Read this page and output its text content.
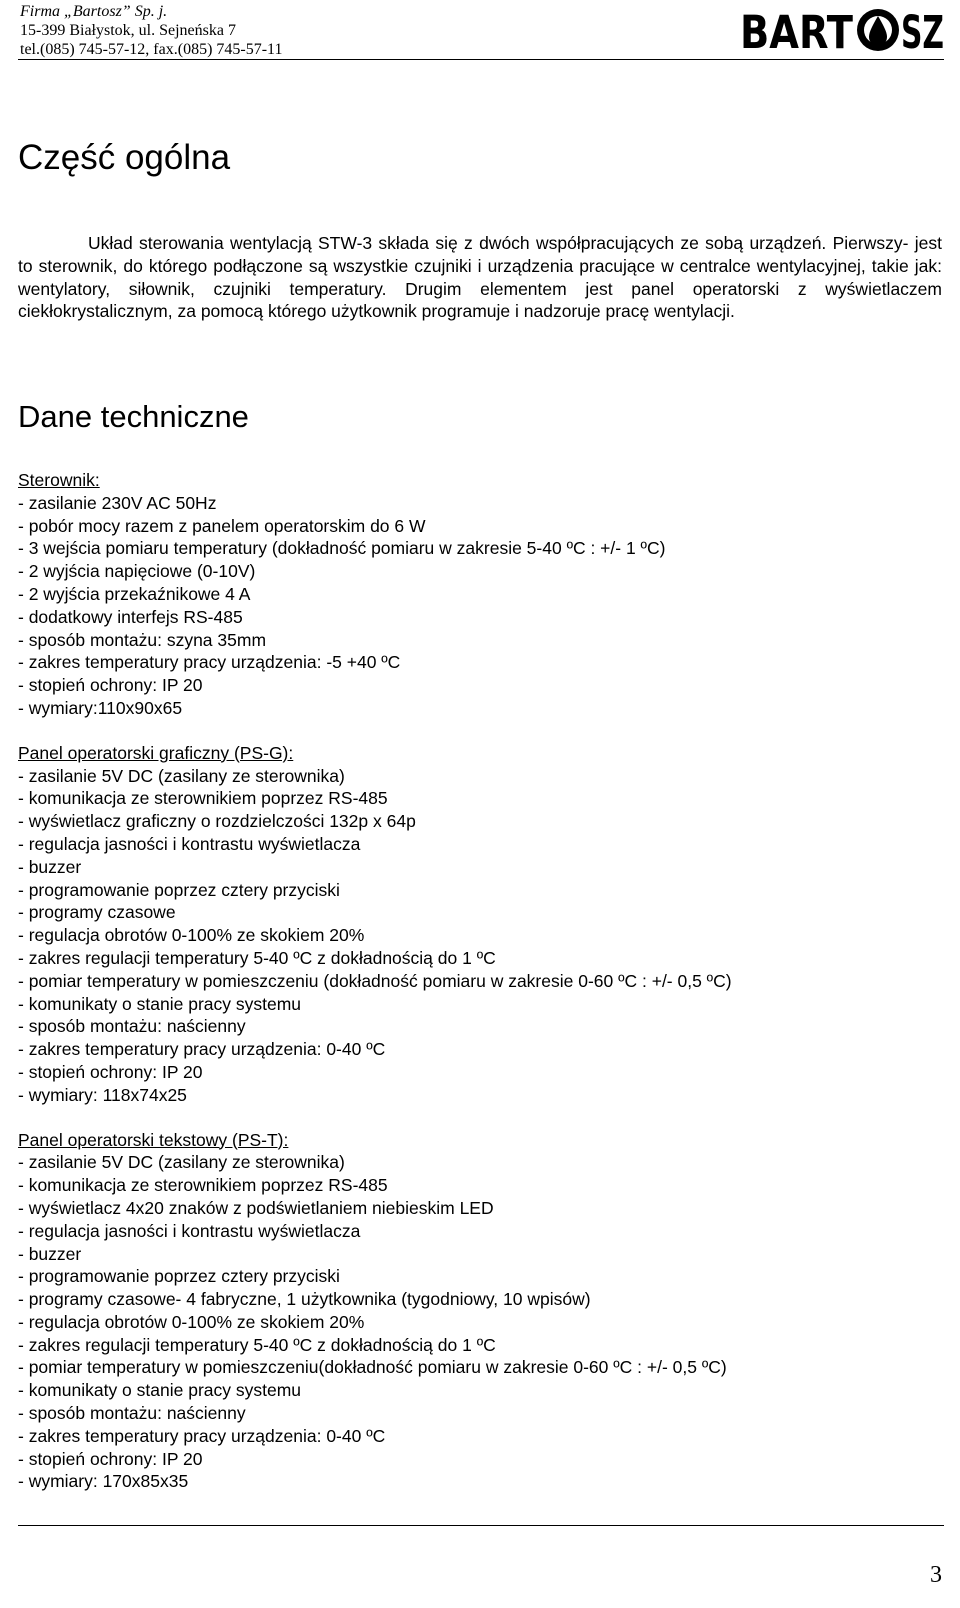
Firma „Bartosz” Sp. j.
15-399 Białystok, ul. Sejneńska 7
tel.(085) 745-57-12, fax.(085) 745-57-11	BART SZ
Część ogólna

Układ sterowania wentylacją STW-3 składa się z dwóch współpracujących ze sobą urządzeń. Pierwszy- jest to sterownik, do którego podłączone są wszystkie czujniki i urządzenia pracujące w centralce wentylacyjnej, takie jak: wentylatory, siłownik, czujniki temperatury. Drugim elementem jest panel operatorski z wyświetlaczem ciekłokrystalicznym, za pomocą którego użytkownik programuje i nadzoruje pracę wentylacji.

Dane techniczne
Sterownik:
- zasilanie 230V AC 50Hz
- pobór mocy razem z panelem operatorskim do 6 W
- 3 wejścia pomiaru temperatury (dokładność pomiaru w zakresie 5-40 ºC : +/- 1 ºC)
- 2 wyjścia napięciowe (0-10V)
- 2 wyjścia przekaźnikowe 4 A
- dodatkowy interfejs RS-485
- sposób montażu: szyna 35mm
- zakres temperatury pracy urządzenia: -5 +40 ºC
- stopień ochrony: IP 20
- wymiary:110x90x65
Panel operatorski graficzny (PS-G):
- zasilanie 5V DC (zasilany ze sterownika)
- komunikacja ze sterownikiem poprzez RS-485
- wyświetlacz graficzny o rozdzielczości 132p x 64p
- regulacja jasności i kontrastu wyświetlacza
- buzzer
- programowanie poprzez cztery przyciski
- programy czasowe
- regulacja obrotów 0-100% ze skokiem 20%
- zakres regulacji temperatury 5-40 ºC z dokładnością do 1 ºC
- pomiar temperatury w pomieszczeniu (dokładność pomiaru w zakresie 0-60 ºC : +/- 0,5 ºC)
- komunikaty o stanie pracy systemu
- sposób montażu: naścienny
- zakres temperatury pracy urządzenia: 0-40 ºC
- stopień ochrony: IP 20
- wymiary: 118x74x25
Panel operatorski tekstowy (PS-T):
- zasilanie 5V DC (zasilany ze sterownika)
- komunikacja ze sterownikiem poprzez RS-485
- wyświetlacz 4x20 znaków z podświetlaniem niebieskim LED
- regulacja jasności i kontrastu wyświetlacza
- buzzer
- programowanie poprzez cztery przyciski
- programy czasowe- 4 fabryczne, 1 użytkownika (tygodniowy, 10 wpisów)
- regulacja obrotów 0-100% ze skokiem 20%
- zakres regulacji temperatury 5-40 ºC z dokładnością do 1 ºC
- pomiar temperatury w pomieszczeniu(dokładność pomiaru w zakresie 0-60 ºC : +/- 0,5 ºC)
- komunikaty o stanie pracy systemu
- sposób montażu: naścienny
- zakres temperatury pracy urządzenia: 0-40 ºC
- stopień ochrony: IP 20
- wymiary: 170x85x35
3
